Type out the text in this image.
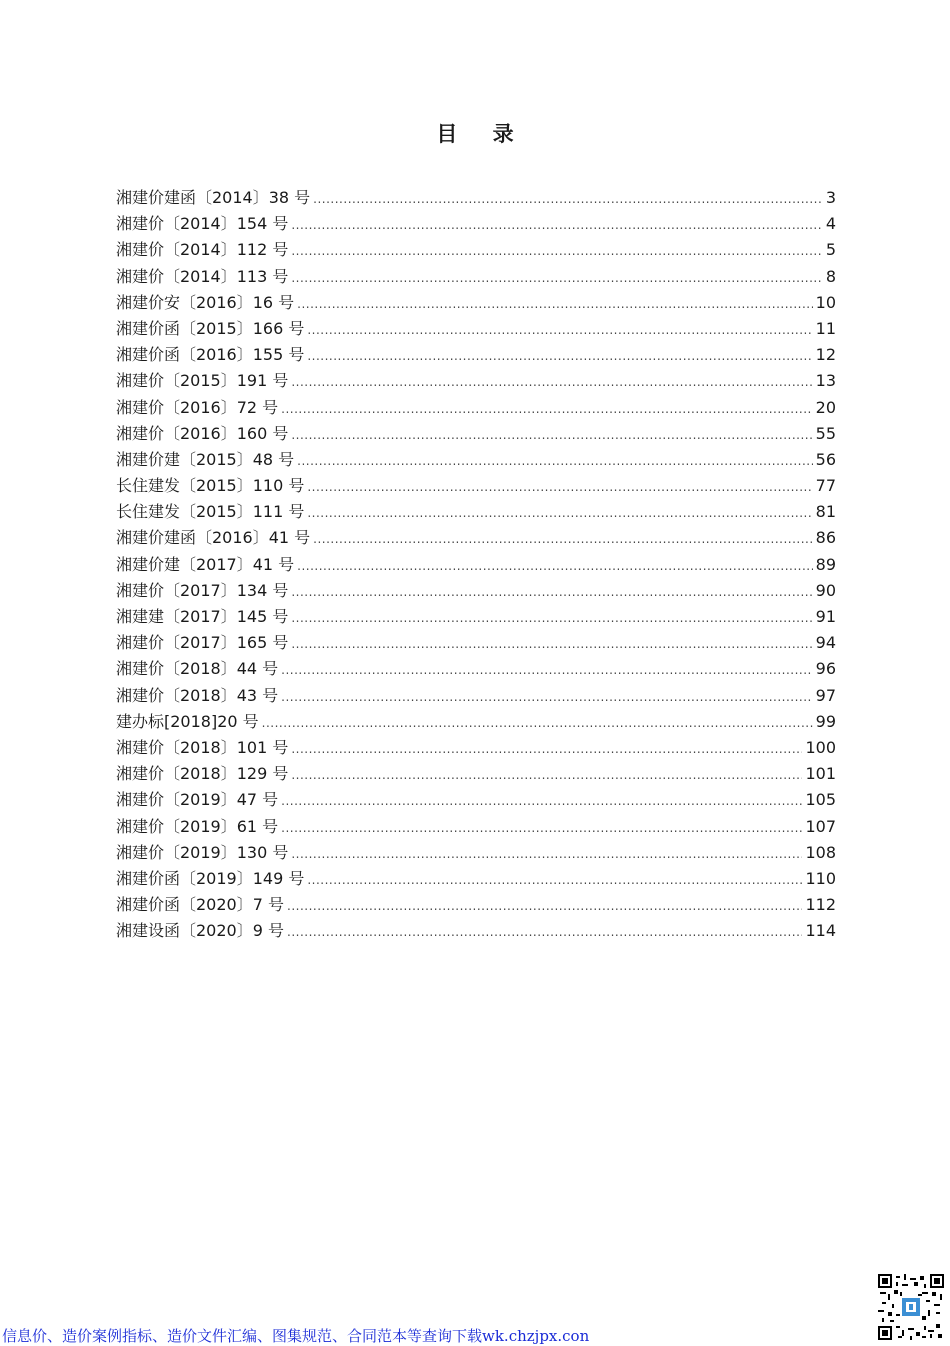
目 录
湘建价建函〔2014〕38 号 .....	3
湘建价〔2014〕154 号 .....	4
湘建价〔2014〕112 号 .....	5
湘建价〔2014〕113 号 .....	8
湘建价安〔2016〕16 号 .....	10
湘建价函〔2015〕166 号 .....	11
湘建价函〔2016〕155 号 .....	12
湘建价〔2015〕191 号 .....	13
湘建价〔2016〕72 号 .....	20
湘建价〔2016〕160 号 .....	55
湘建价建〔2015〕48 号 .....	56
长住建发〔2015〕110 号 .....	77
长住建发〔2015〕111 号 .....	81
湘建价建函〔2016〕41 号 .....	86
湘建价建〔2017〕41 号 .....	89
湘建价〔2017〕134 号 .....	90
湘建建〔2017〕145 号 .....	91
湘建价〔2017〕165 号 .....	94
湘建价〔2018〕44 号 .....	96
湘建价〔2018〕43 号 .....	97
建办标[2018]20 号 .....	99
湘建价〔2018〕101 号 .....	100
湘建价〔2018〕129 号 .....	101
湘建价〔2019〕47 号 .....	105
湘建价〔2019〕61 号 .....	107
湘建价〔2019〕130 号 .....	108
湘建价函〔2019〕149 号 .....	110
湘建价函〔2020〕7 号 .....	112
湘建设函〔2020〕9 号 .....	114
信息价、造价案例指标、造价文件汇编、图集规范、合同范本等查询下载wk.chzjpx.con
